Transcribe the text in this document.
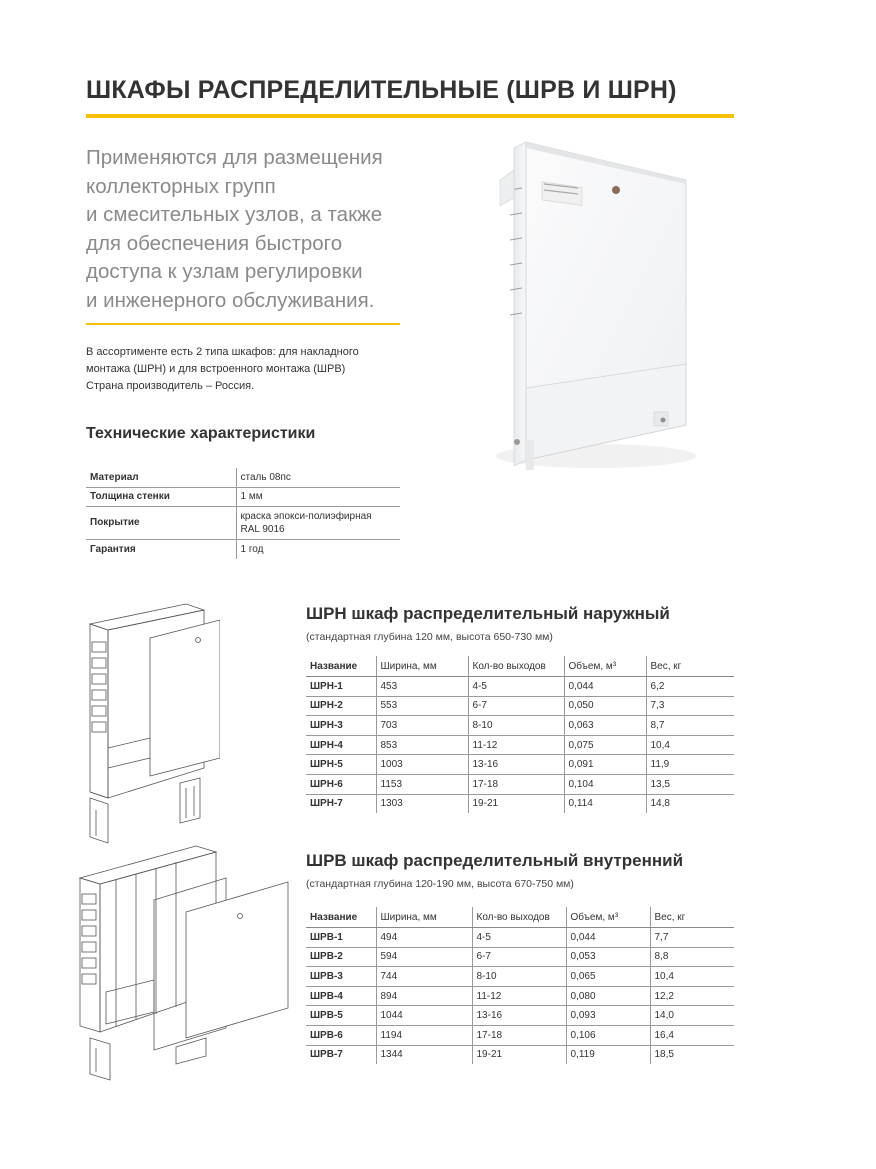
ШКАФЫ РАСПРЕДЕЛИТЕЛЬНЫЕ (ШРВ И ШРН)
Применяются для размещения
коллекторных групп
и смесительных узлов, а также
для обеспечения быстрого
доступа к узлам регулировки
и инженерного обслуживания.
В ассортименте есть 2 типа шкафов: для накладного
монтажа (ШРН) и для встроенного монтажа (ШРВ)
Страна производитель – Россия.
Технические характеристики
Материал	сталь 08пс
Толщина стенки	1 мм
Покрытие	краска эпокси-полиэфирная
RAL 9016

Гарантия	1 год
ШРН шкаф распределительный наружный
(стандартная глубина 120 мм, высота 650-730 мм)
Название	Ширина, мм	Кол-во выходов	Объем, м³	Вес, кг
ШРН-1	453	4-5	0,044	6,2
ШРН-2	553	6-7	0,050	7,3
ШРН-3	703	8-10	0,063	8,7
ШРН-4	853	11-12	0,075	10,4
ШРН-5	1003	13-16	0,091	11,9
ШРН-6	1153	17-18	0,104	13,5
ШРН-7	1303	19-21	0,114	14,8
ШРВ шкаф распределительный внутренний
(стандартная глубина 120-190 мм, высота 670-750 мм)
Название	Ширина, мм	Кол-во выходов	Объем, м³	Вес, кг
ШРВ-1	494	4-5	0,044	7,7
ШРВ-2	594	6-7	0,053	8,8
ШРВ-3	744	8-10	0,065	10,4
ШРВ-4	894	11-12	0,080	12,2
ШРВ-5	1044	13-16	0,093	14,0
ШРВ-6	1194	17-18	0,106	16,4
ШРВ-7	1344	19-21	0,119	18,5
